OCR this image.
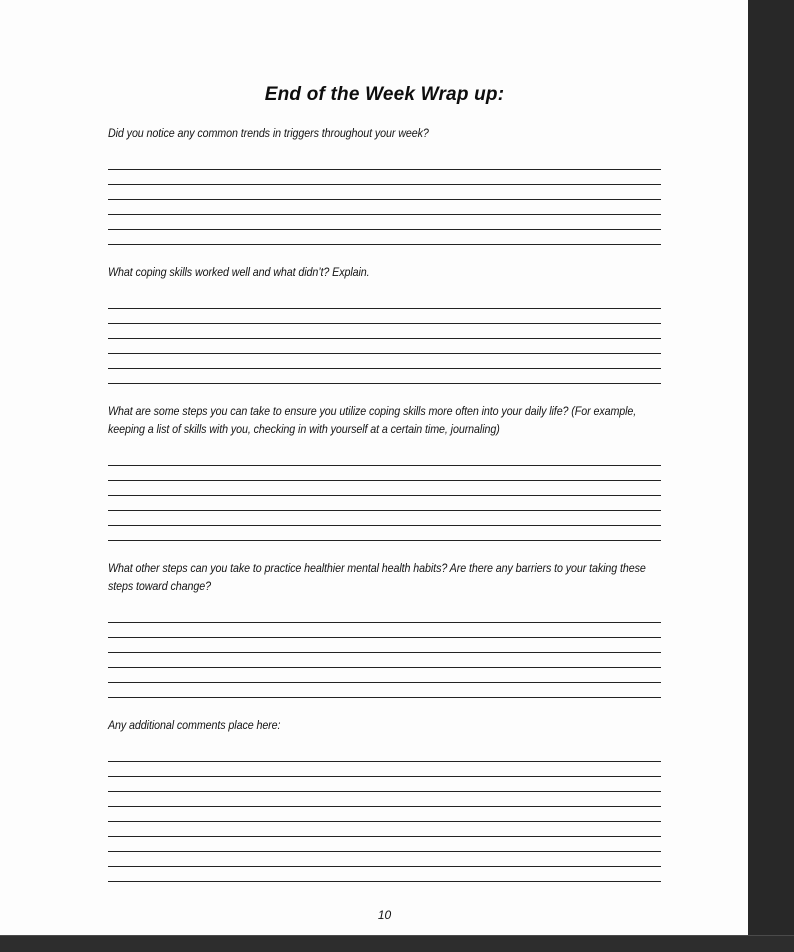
End of the Week Wrap up:

Did you notice any common trends in triggers throughout your week?

What coping skills worked well and what didn’t? Explain.

What are some steps you can take to ensure you utilize coping skills more often into your daily life? (For example, keeping a list of skills with you, checking in with yourself at a certain time, journaling)

What other steps can you take to practice healthier mental health habits? Are there any barriers to your taking these steps toward change?

Any additional comments place here:

10
